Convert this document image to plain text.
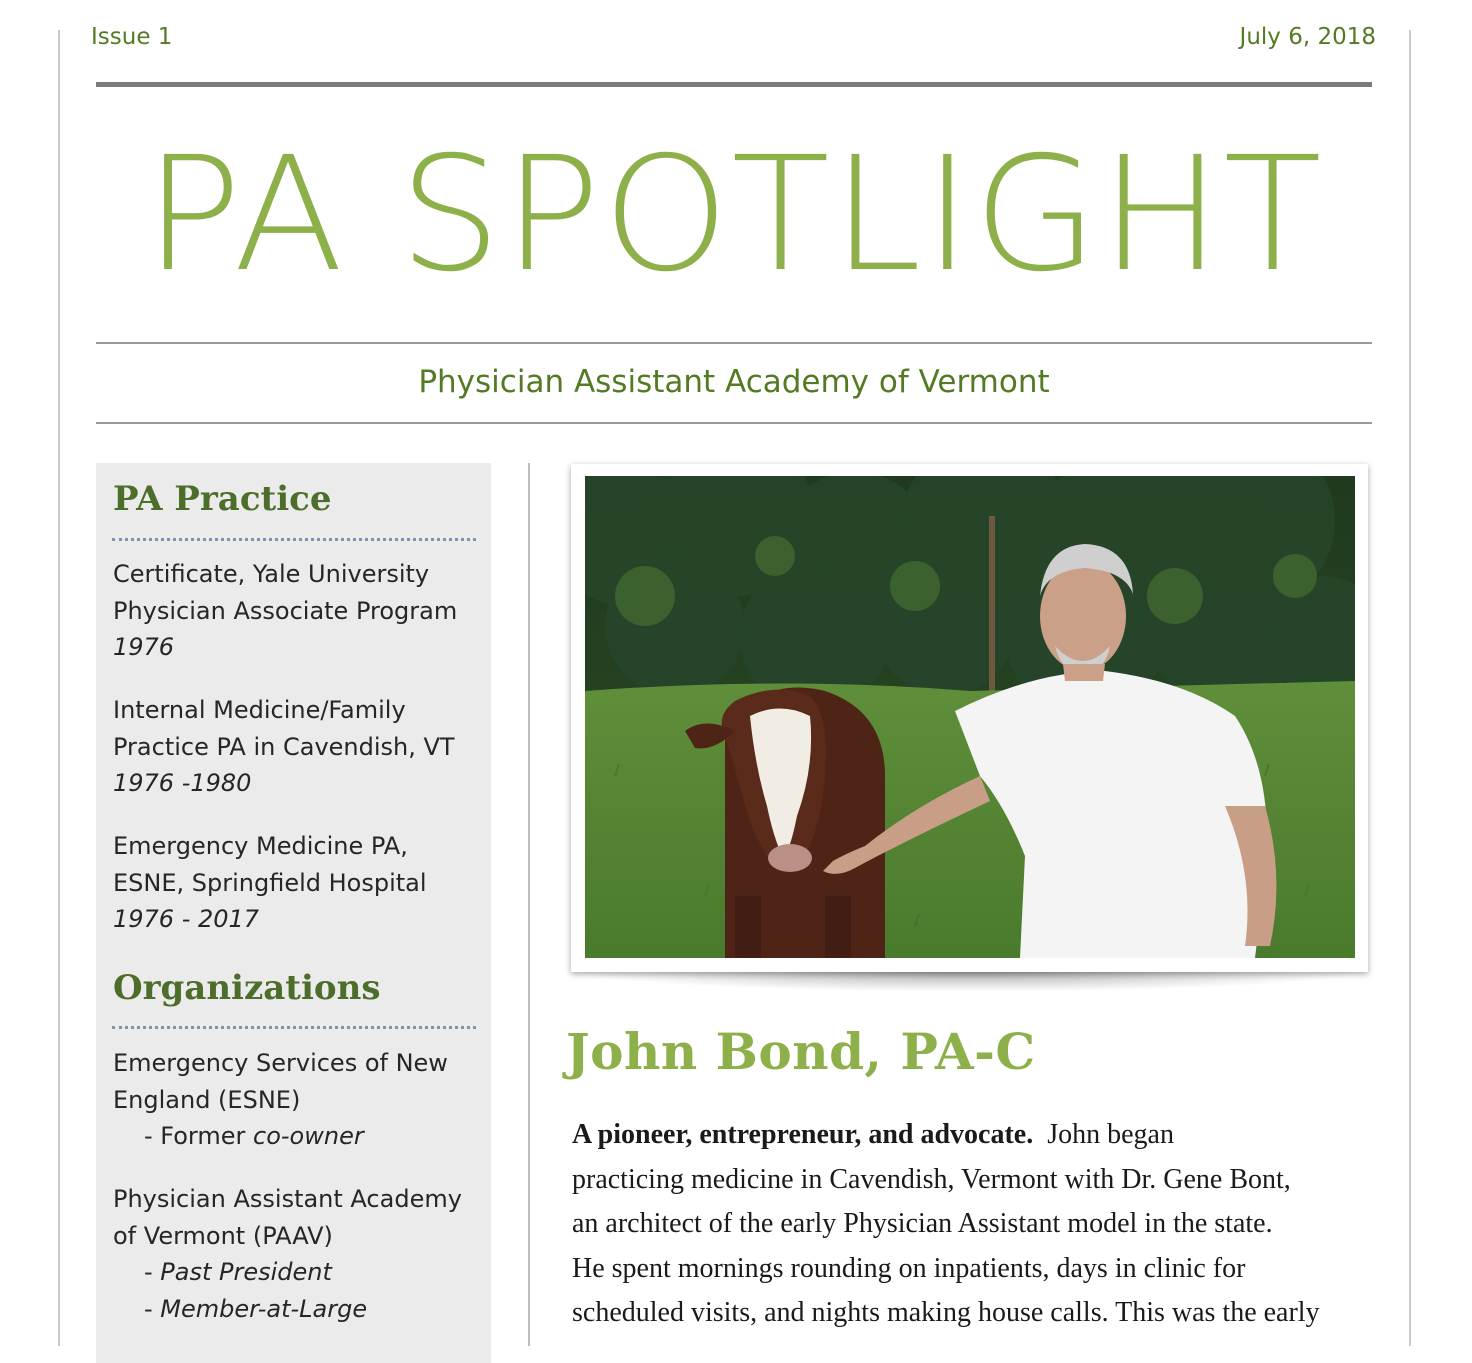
Issue 1	July 6, 2018
PA SPOTLIGHT
Physician Assistant Academy of Vermont
PA Practice
Certificate, Yale University
Physician Associate Program
1976
Internal Medicine/Family
Practice PA in Cavendish, VT
1976 -1980
Emergency Medicine PA,
ESNE, Springfield Hospital
1976 - 2017
Organizations
Emergency Services of New
England (ESNE)
- Former co-owner
Physician Assistant Academy
of Vermont (PAAV)
- Past President
- Member-at-Large
John Bond, PA-C
A pioneer, entrepreneur, and advocate. John began
practicing medicine in Cavendish, Vermont with Dr. Gene Bont,
an architect of the early Physician Assistant model in the state.
He spent mornings rounding on inpatients, days in clinic for
scheduled visits, and nights making house calls. This was the early
